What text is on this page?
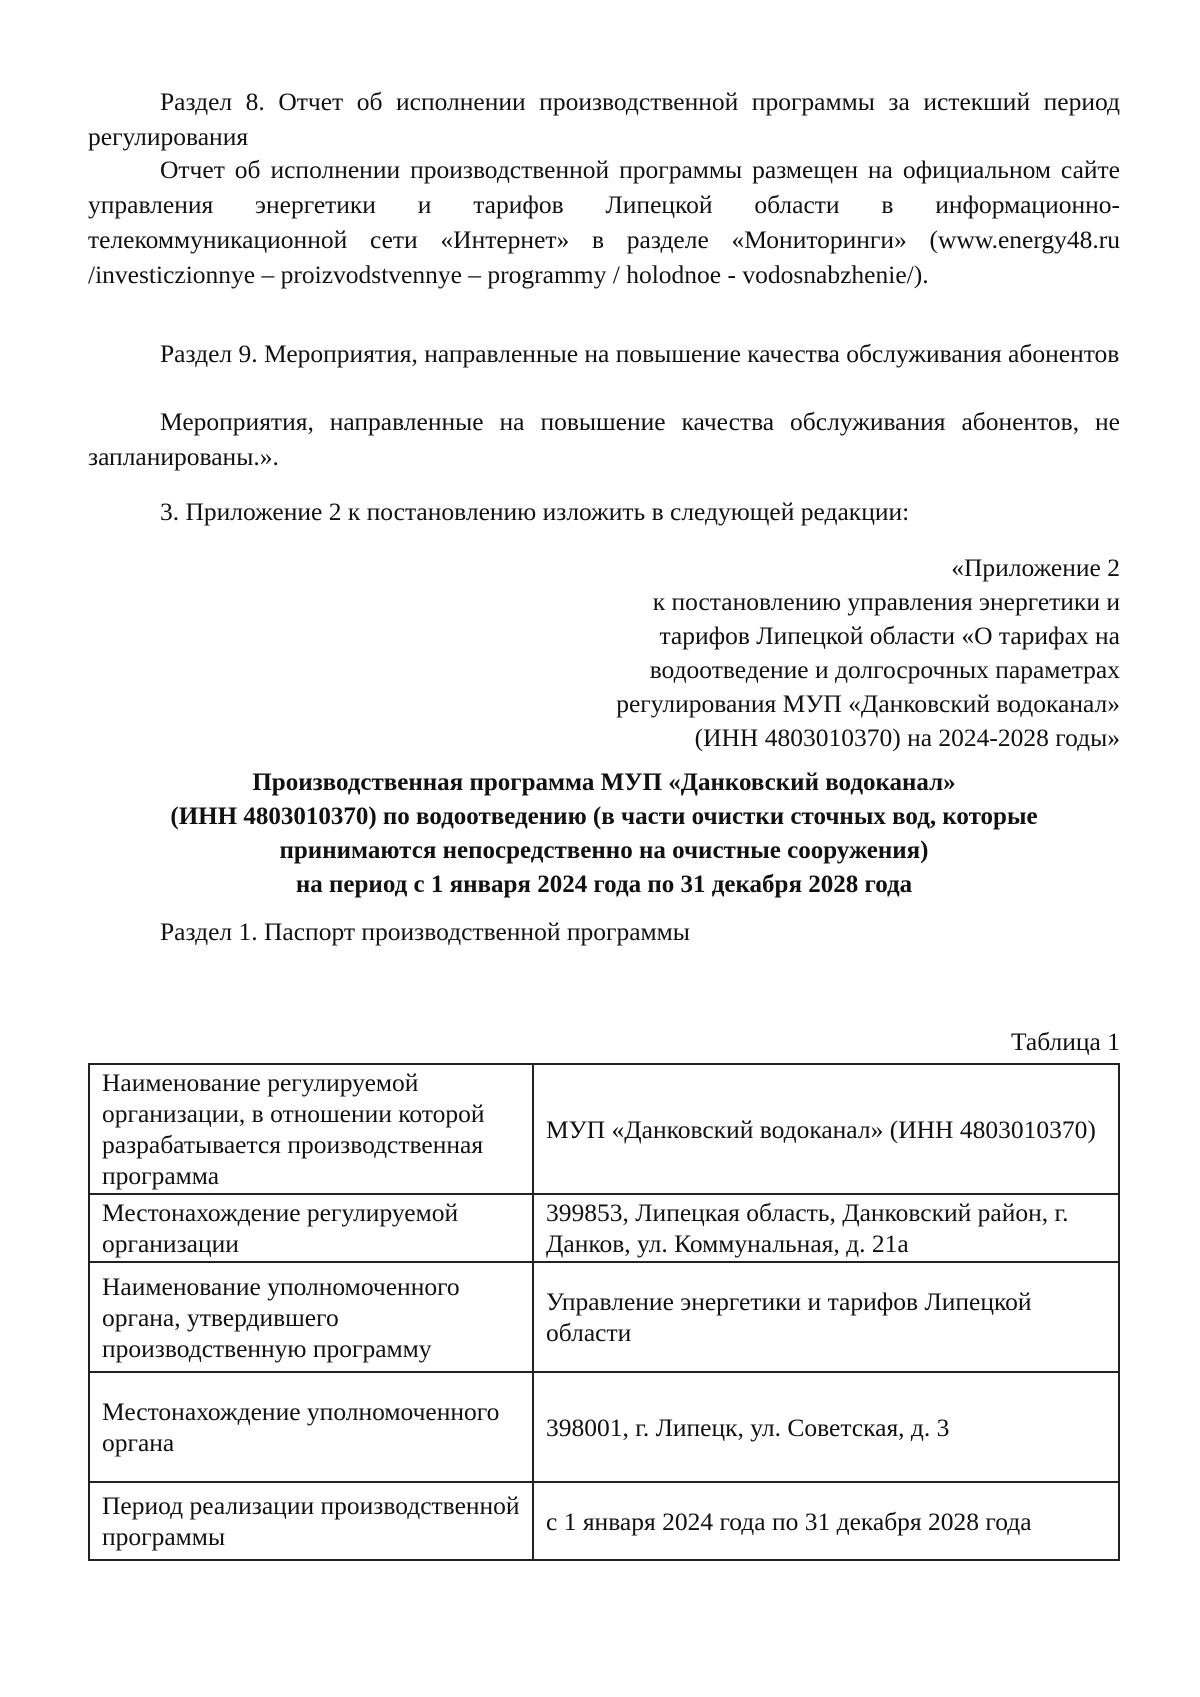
Раздел 8. Отчет об исполнении производственной программы за истекший период регулирования
Отчет об исполнении производственной программы размещен на официальном сайте управления энергетики и тарифов Липецкой области в информационно-телекоммуникационной сети «Интернет» в разделе «Мониторинги» (www.energy48.ru /investiczionnye – proizvodstvennye – programmy / holodnoe - vodosnabzhenie/).
Раздел 9. Мероприятия, направленные на повышение качества обслуживания абонентов
Мероприятия, направленные на повышение качества обслуживания абонентов, не запланированы.».
3. Приложение 2 к постановлению изложить в следующей редакции:
«Приложение 2
к постановлению управления энергетики и
тарифов Липецкой области «О тарифах на
водоотведение и долгосрочных параметрах
регулирования МУП «Данковский водоканал»
(ИНН 4803010370) на 2024-2028 годы»
Производственная программа МУП «Данковский водоканал»
(ИНН 4803010370) по водоотведению (в части очистки сточных вод, которые
принимаются непосредственно на очистные сооружения)
на период с 1 января 2024 года по 31 декабря 2028 года
Раздел 1. Паспорт производственной программы
Таблица 1
Наименование регулируемой организации, в отношении которой разрабатывается производственная программа	МУП «Данковский водоканал» (ИНН 4803010370)
Местонахождение регулируемой организации	399853, Липецкая область, Данковский район, г. Данков, ул. Коммунальная, д. 21а
Наименование уполномоченного органа, утвердившего производственную программу	Управление энергетики и тарифов Липецкой области
Местонахождение уполномоченного органа	398001, г. Липецк, ул. Советская, д. 3
Период реализации производственной программы	с 1 января 2024 года по 31 декабря 2028 года
